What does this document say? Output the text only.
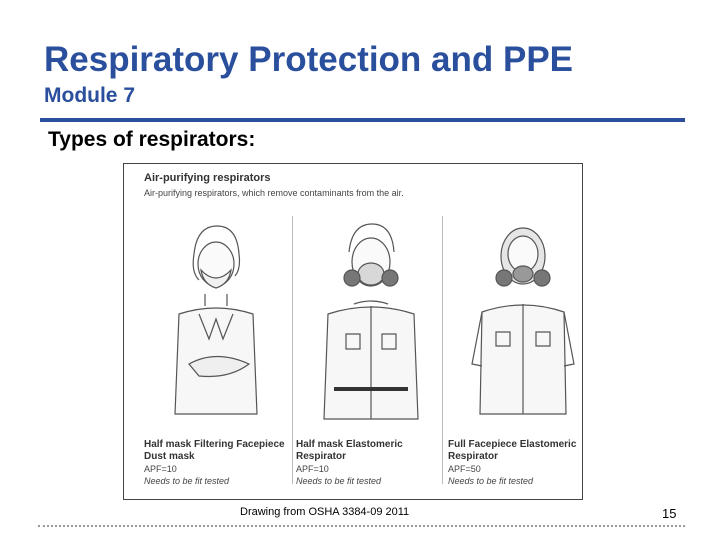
Respiratory Protection and PPE
Module 7
Types of respirators:
Air-purifying respirators
Air-purifying respirators, which remove contaminants from the air.
Half mask Filtering Facepiece
Dust mask
APF=10
Needs to be fit tested
Half mask Elastomeric Respirator
APF=10
Needs to be fit tested
Full Facepiece Elastomeric Respirator
APF=50
Needs to be fit tested
Drawing from OSHA 3384-09 2011	15
